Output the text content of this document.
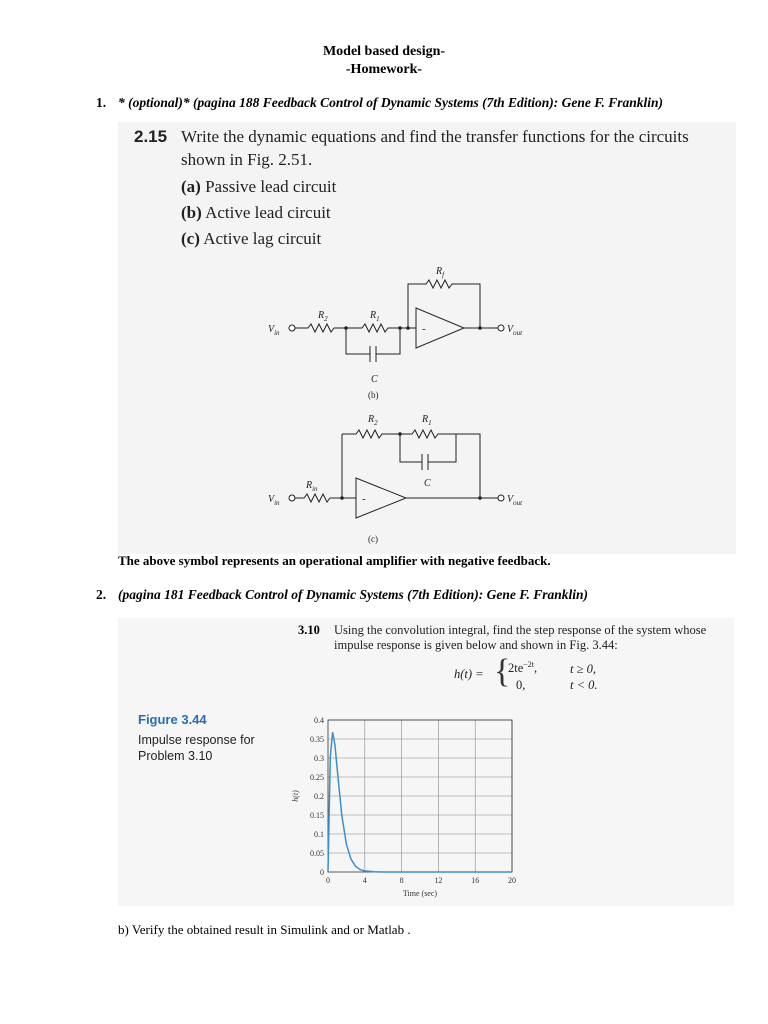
Model based design-
-Homework-
1. * (optional)* (pagina 188 Feedback Control of Dynamic Systems (7th Edition): Gene F. Franklin)
2.15 Write the dynamic equations and find the transfer functions for the circuits
shown in Fig. 2.51.
(a) Passive lead circuit
(b) Active lead circuit
(c) Active lag circuit
$R_f$
$R_2$	$R_1$
C
$V_{in}$	$V_{out}$
$R_2$	$R_1$
C
$R_{in}$
$V_{in}$	$V_{out}$
-
-
(b)
(c)
The above symbol represents an operational amplifier with negative feedback.
2. (pagina 181 Feedback Control of Dynamic Systems (7th Edition): Gene F. Franklin)
3.10 Using the convolution integral, find the step response of the system whose
impulse response is given below and shown in Fig. 3.44:
h(t) = {
$2te^{-2t}$,	t ≥ 0,
0,	t < 0.
Figure 3.44
Impulse response for
Problem 3.10
0
0.05
0.1
0.15
0.2
0.25
0.3
0.35
0.4
0	4	8	12	16	20
Time (sec)
h(t)
b) Verify the obtained result in Simulink and or Matlab .
